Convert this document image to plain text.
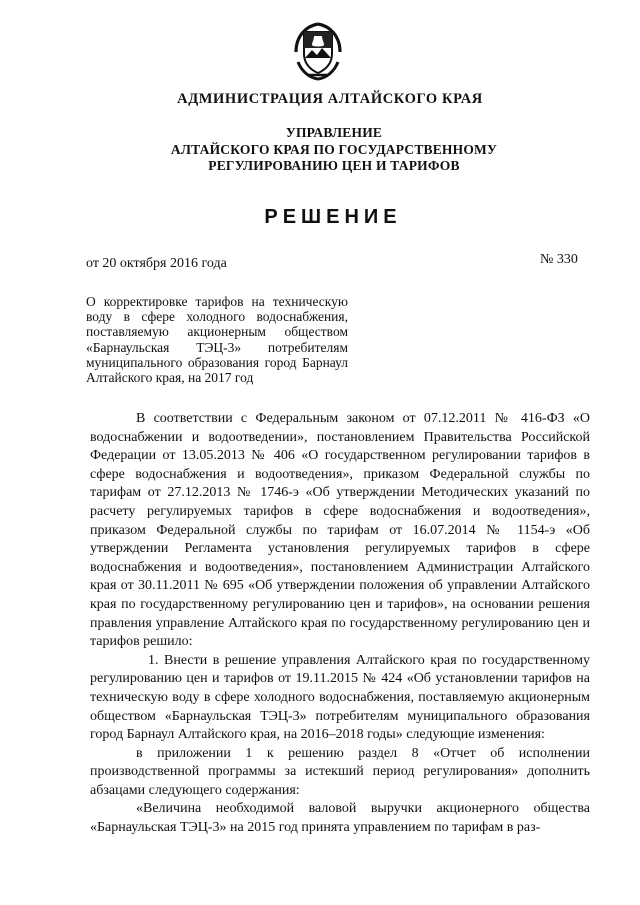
АДМИНИСТРАЦИЯ АЛТАЙСКОГО КРАЯ
УПРАВЛЕНИЕ
АЛТАЙСКОГО КРАЯ ПО ГОСУДАРСТВЕННОМУ
РЕГУЛИРОВАНИЮ ЦЕН И ТАРИФОВ
РЕШЕНИЕ
от 20 октября 2016 года	№ 330
О корректировке тарифов на техническую воду в сфере холодного водоснабжения, поставляемую акционерным обществом «Барнаульская ТЭЦ-3» потребителям муниципального образования город Барнаул Алтайского края, на 2017 год

В соответствии с Федеральным законом от 07.12.2011 № 416-ФЗ «О водоснабжении и водоотведении», постановлением Правительства Российской Федерации от 13.05.2013 № 406 «О государственном регулировании тарифов в сфере водоснабжения и водоотведения», приказом Федеральной службы по тарифам от 27.12.2013 № 1746-э «Об утверждении Методических указаний по расчету регулируемых тарифов в сфере водоснабжения и водоотведения», приказом Федеральной службы по тарифам от 16.07.2014 № 1154-э «Об утверждении Регламента установления регулируемых тарифов в сфере водоснабжения и водоотведения», постановлением Администрации Алтайского края от 30.11.2011 № 695 «Об утверждении положения об управлении Алтайского края по государственному регулированию цен и тарифов», на основании решения правления управление Алтайского края по государственному регулированию цен и тарифов решило:

1. Внести в решение управления Алтайского края по государственному регулированию цен и тарифов от 19.11.2015 № 424 «Об установлении тарифов на техническую воду в сфере холодного водоснабжения, поставляемую акционерным обществом «Барнаульская ТЭЦ-3» потребителям муниципального образования город Барнаул Алтайского края, на 2016–2018 годы» следующие изменения:

в приложении 1 к решению раздел 8 «Отчет об исполнении производственной программы за истекший период регулирования» дополнить абзацами следующего содержания:

«Величина необходимой валовой выручки акционерного общества «Барнаульская ТЭЦ-3» на 2015 год принята управлением по тарифам в раз-
